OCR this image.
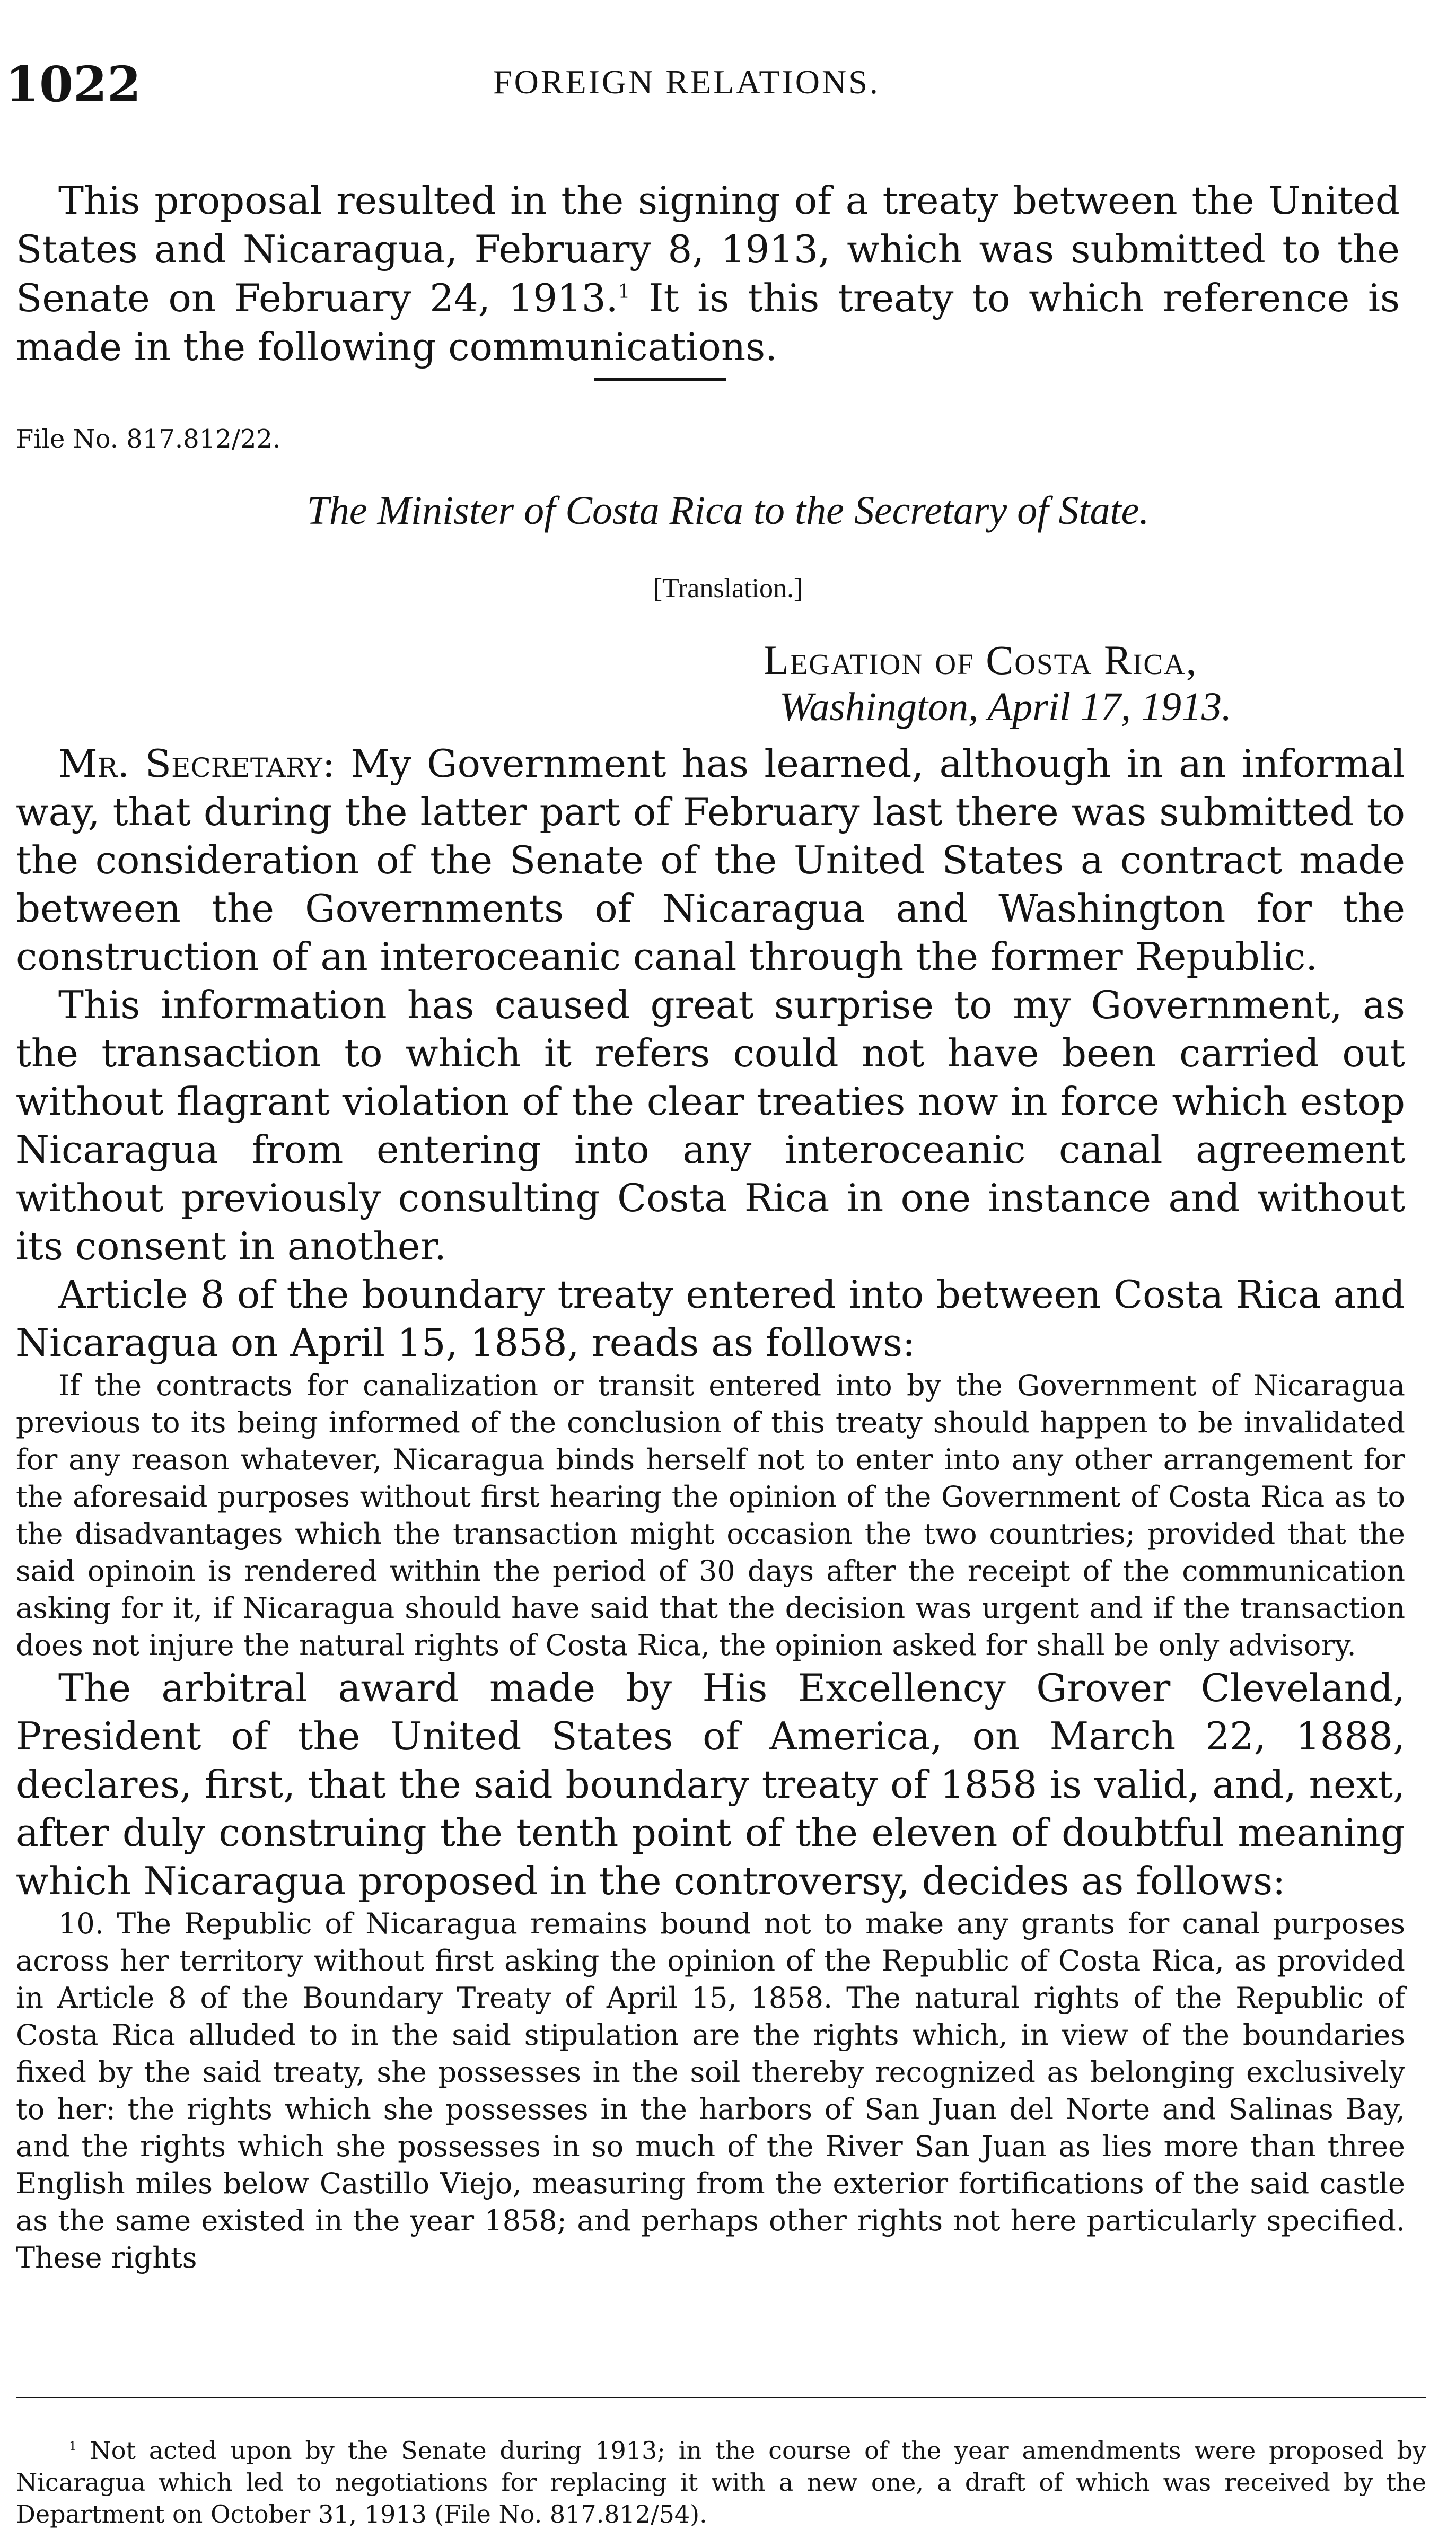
1022	FOREIGN RELATIONS.

This proposal resulted in the signing of a treaty between the United States and Nicaragua, February 8, 1913, which was submitted to the Senate on February 24, 1913.$^1$ It is this treaty to which reference is made in the following communications.

File No. 817.812/22.
The Minister of Costa Rica to the Secretary of State.
[Translation.]
Legation of Costa Rica,
Washington, April 17, 1913.

Mr. Secretary: My Government has learned, although in an informal way, that during the latter part of February last there was submitted to the consideration of the Senate of the United States a contract made between the Governments of Nicaragua and Washington for the construction of an interoceanic canal through the former Republic.

This information has caused great surprise to my Government, as the transaction to which it refers could not have been carried out without flagrant violation of the clear treaties now in force which estop Nicaragua from entering into any interoceanic canal agreement without previously consulting Costa Rica in one instance and without its consent in another.

Article 8 of the boundary treaty entered into between Costa Rica and Nicaragua on April 15, 1858, reads as follows:

If the contracts for canalization or transit entered into by the Government of Nicaragua previous to its being informed of the conclusion of this treaty should happen to be invalidated for any reason whatever, Nicaragua binds herself not to enter into any other arrangement for the aforesaid purposes without first hearing the opinion of the Government of Costa Rica as to the disadvantages which the transaction might occasion the two countries; provided that the said opinoin is rendered within the period of 30 days after the receipt of the communication asking for it, if Nicaragua should have said that the decision was urgent and if the transaction does not injure the natural rights of Costa Rica, the opinion asked for shall be only advisory.

The arbitral award made by His Excellency Grover Cleveland, President of the United States of America, on March 22, 1888, declares, first, that the said boundary treaty of 1858 is valid, and, next, after duly construing the tenth point of the eleven of doubtful meaning which Nicaragua proposed in the controversy, decides as follows:

10. The Republic of Nicaragua remains bound not to make any grants for canal purposes across her territory without first asking the opinion of the Republic of Costa Rica, as provided in Article 8 of the Boundary Treaty of April 15, 1858. The natural rights of the Republic of Costa Rica alluded to in the said stipulation are the rights which, in view of the boundaries fixed by the said treaty, she possesses in the soil thereby recognized as belonging exclusively to her: the rights which she possesses in the harbors of San Juan del Norte and Salinas Bay, and the rights which she possesses in so much of the River San Juan as lies more than three English miles below Castillo Viejo, measuring from the exterior fortifications of the said castle as the same existed in the year 1858; and perhaps other rights not here particularly specified. These rights

$^1$ Not acted upon by the Senate during 1913; in the course of the year amendments were proposed by Nicaragua which led to negotiations for replacing it with a new one, a draft of which was received by the Department on October 31, 1913 (File No. 817.812/54).
